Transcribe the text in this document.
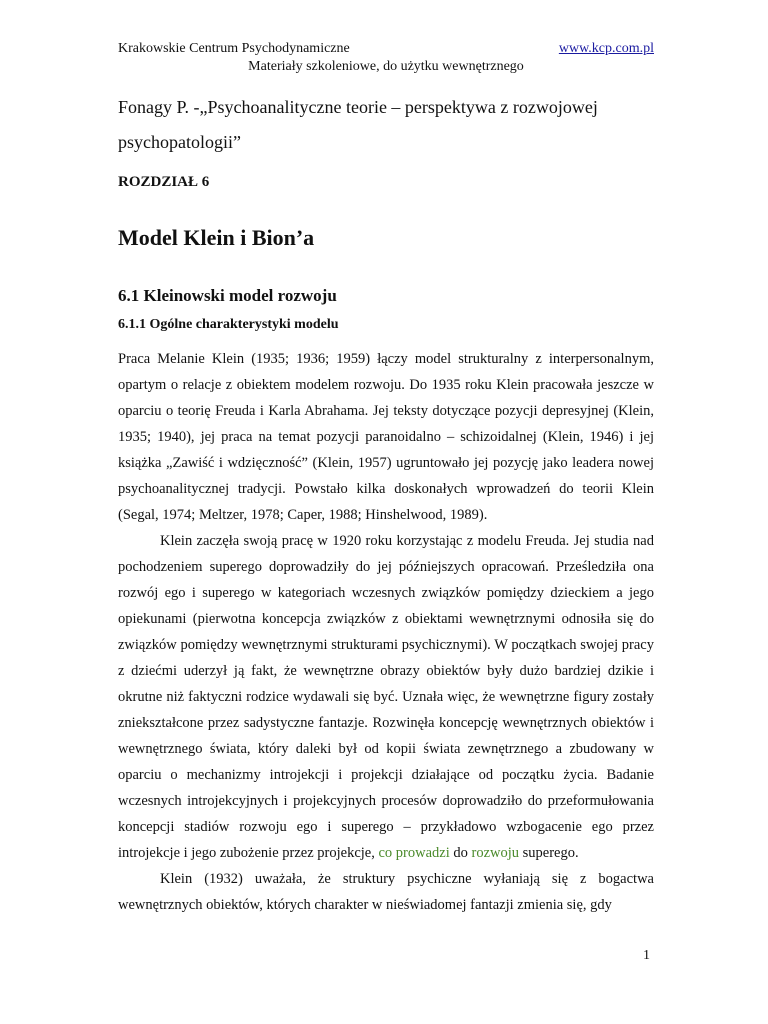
Krakowskie Centrum Psychodynamiczne	www.kcp.com.pl
Materiały szkoleniowe, do użytku wewnętrznego
Fonagy P. -„Psychoanalityczne teorie – perspektywa z rozwojowej psychopatologii”
ROZDZIAŁ 6
Model Klein i Bion’a
6.1 Kleinowski model rozwoju
6.1.1 Ogólne charakterystyki modelu

Praca Melanie Klein (1935; 1936; 1959) łączy model strukturalny z interpersonalnym, opartym o relacje z obiektem modelem rozwoju. Do 1935 roku Klein pracowała jeszcze w oparciu o teorię Freuda i Karla Abrahama. Jej teksty dotyczące pozycji depresyjnej (Klein, 1935; 1940), jej praca na temat pozycji paranoidalno – schizoidalnej (Klein, 1946) i jej książka „Zawiść i wdzięczność” (Klein, 1957) ugruntowało jej pozycję jako leadera nowej psychoanalitycznej tradycji. Powstało kilka doskonałych wprowadzeń do teorii Klein (Segal, 1974; Meltzer, 1978; Caper, 1988; Hinshelwood, 1989).

Klein zaczęła swoją pracę w 1920 roku korzystając z modelu Freuda. Jej studia nad pochodzeniem superego doprowadziły do jej późniejszych opracowań. Prześledziła ona rozwój ego i superego w kategoriach wczesnych związków pomiędzy dzieckiem a jego opiekunami (pierwotna koncepcja związków z obiektami wewnętrznymi odnosiła się do związków pomiędzy wewnętrznymi strukturami psychicznymi). W początkach swojej pracy z dziećmi uderzył ją fakt, że wewnętrzne obrazy obiektów były dużo bardziej dzikie i okrutne niż faktyczni rodzice wydawali się być. Uznała więc, że wewnętrzne figury zostały zniekształcone przez sadystyczne fantazje. Rozwinęła koncepcję wewnętrznych obiektów i wewnętrznego świata, który daleki był od kopii świata zewnętrznego a zbudowany w oparciu o mechanizmy introjekcji i projekcji działające od początku życia. Badanie wczesnych introjekcyjnych i projekcyjnych procesów doprowadziło do przeformułowania koncepcji stadiów rozwoju ego i superego – przykładowo wzbogacenie ego przez introjekcje i jego zubożenie przez projekcje, co prowadzi do rozwoju superego.

Klein (1932) uważała, że struktury psychiczne wyłaniają się z bogactwa wewnętrznych obiektów, których charakter w nieświadomej fantazji zmienia się, gdy

1
